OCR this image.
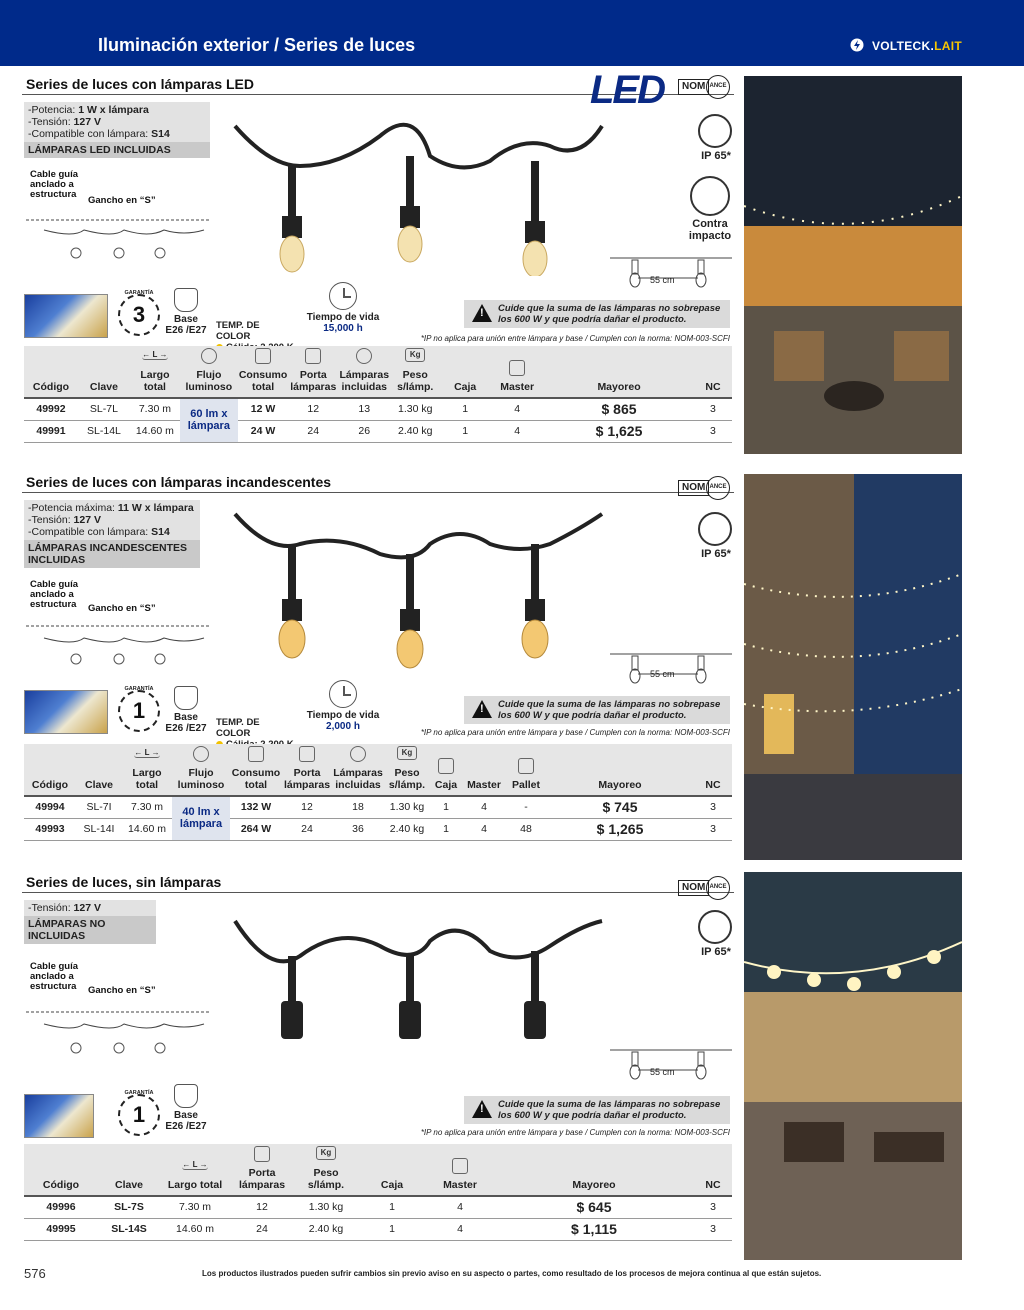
Iluminación exterior / Series de luces	VOLTECK.LAIT
Series de luces con lámparas LED	LED	NOM ANCE
-Potencia: 1 W x lámpara
-Tensión: 127 V
-Compatible con lámpara: S14
LÁMPARAS LED INCLUIDAS
Cable guía anclado a estructura
Gancho en “S”
IP 65*
Contra impacto
55 cm
GARANTÍA
3	Base
E26 /E27 TEMP. DE COLOR
Tiempo de vida
15,000 h
!
Cuide que la suma de las lámparas no sobrepase los 600 W y que podría dañar el producto.
*IP no aplica para unión entre lámpara y base / Cumplen con la norma: NOM-003-SCFI
Código	Clave	← L →
Largo total	Flujo luminoso	Consumo total	Porta lámparas	Lámparas incluidas	Kg
Peso s/lámp.	Caja	Master	Mayoreo	NC
49992	SL-7L	7.30 m	60 lm x lámpara	12 W	12	13	1.30 kg	1	4	$ 865	3
49991	SL-14L	14.60 m		24 W	24	26	2.40 kg	1	4	$ 1,625	3
Series de luces con lámparas incandescentes	NOM ANCE
-Potencia máxima: 11 W x lámpara
-Tensión: 127 V
-Compatible con lámpara: S14
LÁMPARAS INCANDESCENTES INCLUIDAS
Cable guía anclado a estructura	Gancho en “S”
IP 65*
55 cm
GARANTÍA
1	Base
E26 /E27
TEMP. DE COLOR
Tiempo de vida
2,000 h
!
Cuide que la suma de las lámparas no sobrepase los 600 W y que podría dañar el producto.
*IP no aplica para unión entre lámpara y base / Cumplen con la norma: NOM-003-SCFI
Código	Clave	← L →
Largo total	Flujo luminoso	Consumo total	Porta lámparas	Lámparas incluidas	Kg
Peso s/lámp.	Caja	Master	Pallet	Mayoreo	NC
49994	SL-7I	7.30 m	40 lm x lámpara	132 W	12	18	1.30 kg	1	4	-	$ 745	3
49993	SL-14I	14.60 m		264 W	24	36	2.40 kg	1	4	48	$ 1,265	3
Series de luces, sin lámparas	NOM ANCE
-Tensión: 127 V
LÁMPARAS NO INCLUIDAS
Cable guía anclado a estructura	Gancho en “S”
IP 65*
55 cm
GARANTÍA
1	Base
E26 /E27
!
Cuide que la suma de las lámparas no sobrepase los 600 W y que podría dañar el producto.
*IP no aplica para unión entre lámpara y base / Cumplen con la norma: NOM-003-SCFI
Código	Clave	← L →
Largo total	Porta lámparas	Kg
Peso s/lámp.	Caja	Master	Mayoreo	NC
49996	SL-7S	7.30 m	12	1.30 kg	1	4	$ 645	3
49995	SL-14S	14.60 m	24	2.40 kg	1	4	$ 1,115	3
576	Los productos ilustrados pueden sufrir cambios sin previo aviso en su aspecto o partes, como resultado de los procesos de mejora continua al que están sujetos.
